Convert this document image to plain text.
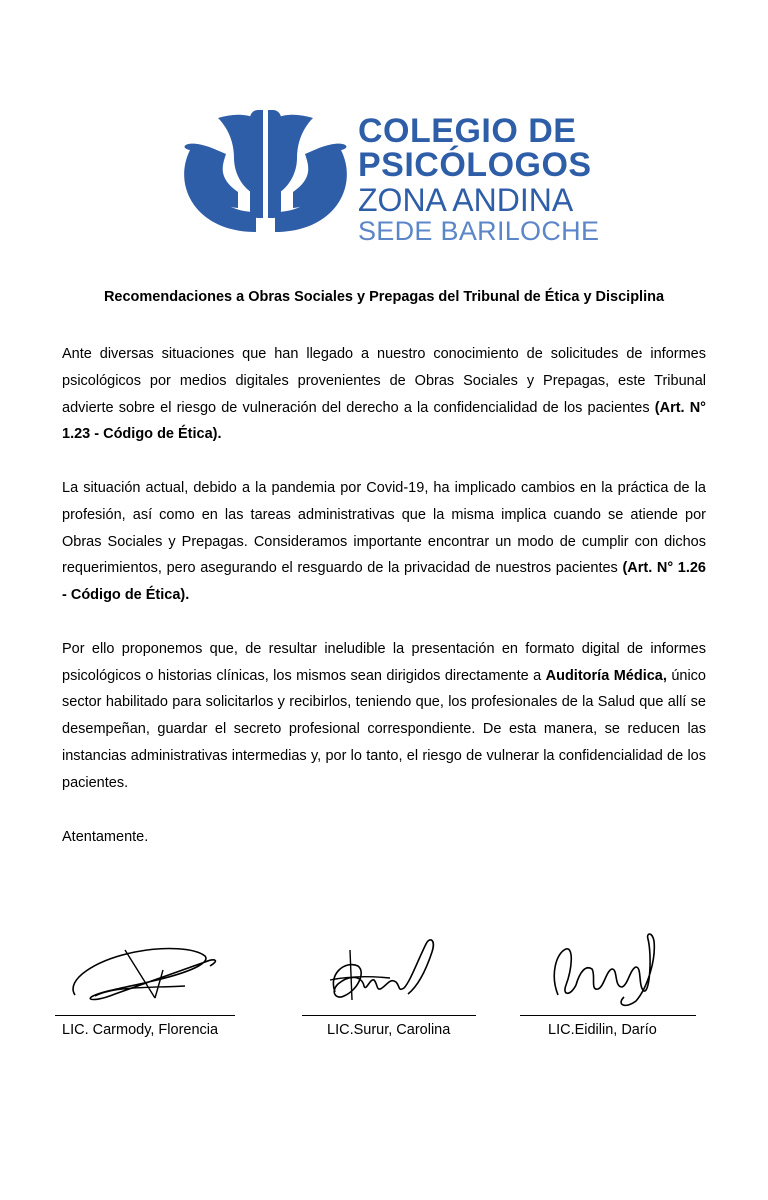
COLEGIO DE
PSICÓLOGOS
ZONA ANDINA
SEDE BARILOCHE
Recomendaciones a Obras Sociales y Prepagas del Tribunal de Ética y Disciplina

Ante diversas situaciones que han llegado a nuestro conocimiento de solicitudes de informes psicológicos por medios digitales provenientes de Obras Sociales y Prepagas, este Tribunal advierte sobre el riesgo de vulneración del derecho a la confidencialidad de los pacientes (Art. N° 1.23 - Código de Ética).

La situación actual, debido a la pandemia por Covid-19, ha implicado cambios en la práctica de la profesión, así como en las tareas administrativas que la misma implica cuando se atiende por Obras Sociales y Prepagas. Consideramos importante encontrar un modo de cumplir con dichos requerimientos, pero asegurando el resguardo de la privacidad de nuestros pacientes (Art. N° 1.26 - Código de Ética).

Por ello proponemos que, de resultar ineludible la presentación en formato digital de informes psicológicos o historias clínicas, los mismos sean dirigidos directamente a Auditoría Médica, único sector habilitado para solicitarlos y recibirlos, teniendo que, los profesionales de la Salud que allí se desempeñan, guardar el secreto profesional correspondiente. De esta manera, se reducen las instancias administrativas intermedias y, por lo tanto, el riesgo de vulnerar la confidencialidad de los pacientes.

Atentamente.
LIC. Carmody, Florencia	LIC.Surur, Carolina	LIC.Eidilin, Darío
